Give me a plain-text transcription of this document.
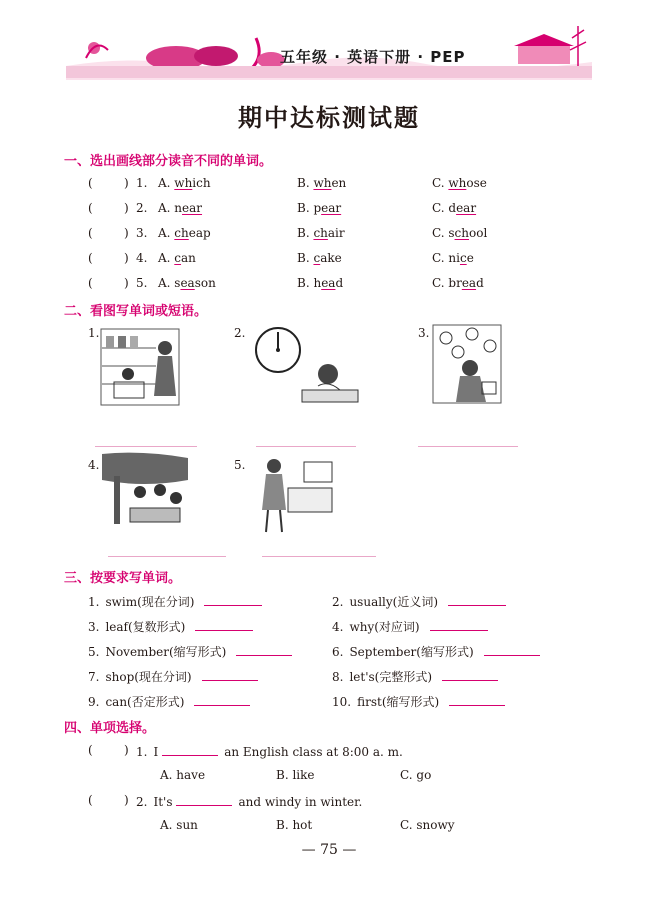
五年级 · 英语下册 · PEP
期中达标测试题
一、选出画线部分读音不同的单词。
(	) 1. A. which	B. when	C. whose
(	) 2. A. near	B. pear	C. dear
(	) 3. A. cheap	B. chair	C. school
(	) 4. A. can	B. cake	C. nice
(	) 5. A. season	B. head	C. bread
二、看图写单词或短语。
1.	2.	3.
4.	5.
三、按要求写单词。
1. swim(现在分词)	2. usually(近义词)
3. leaf(复数形式)	4. why(对应词)
5. November(缩写形式)	6. September(缩写形式)
7. shop(现在分词)	8. let's(完整形式)
9. can(否定形式)	10. first(缩写形式)
四、单项选择。
(	) 1. I	an English class at 8:00 a. m.
A. have	B. like	C. go
(	) 2. It's	and windy in winter.
A. sun	B. hot	C. snowy
— 75 —
